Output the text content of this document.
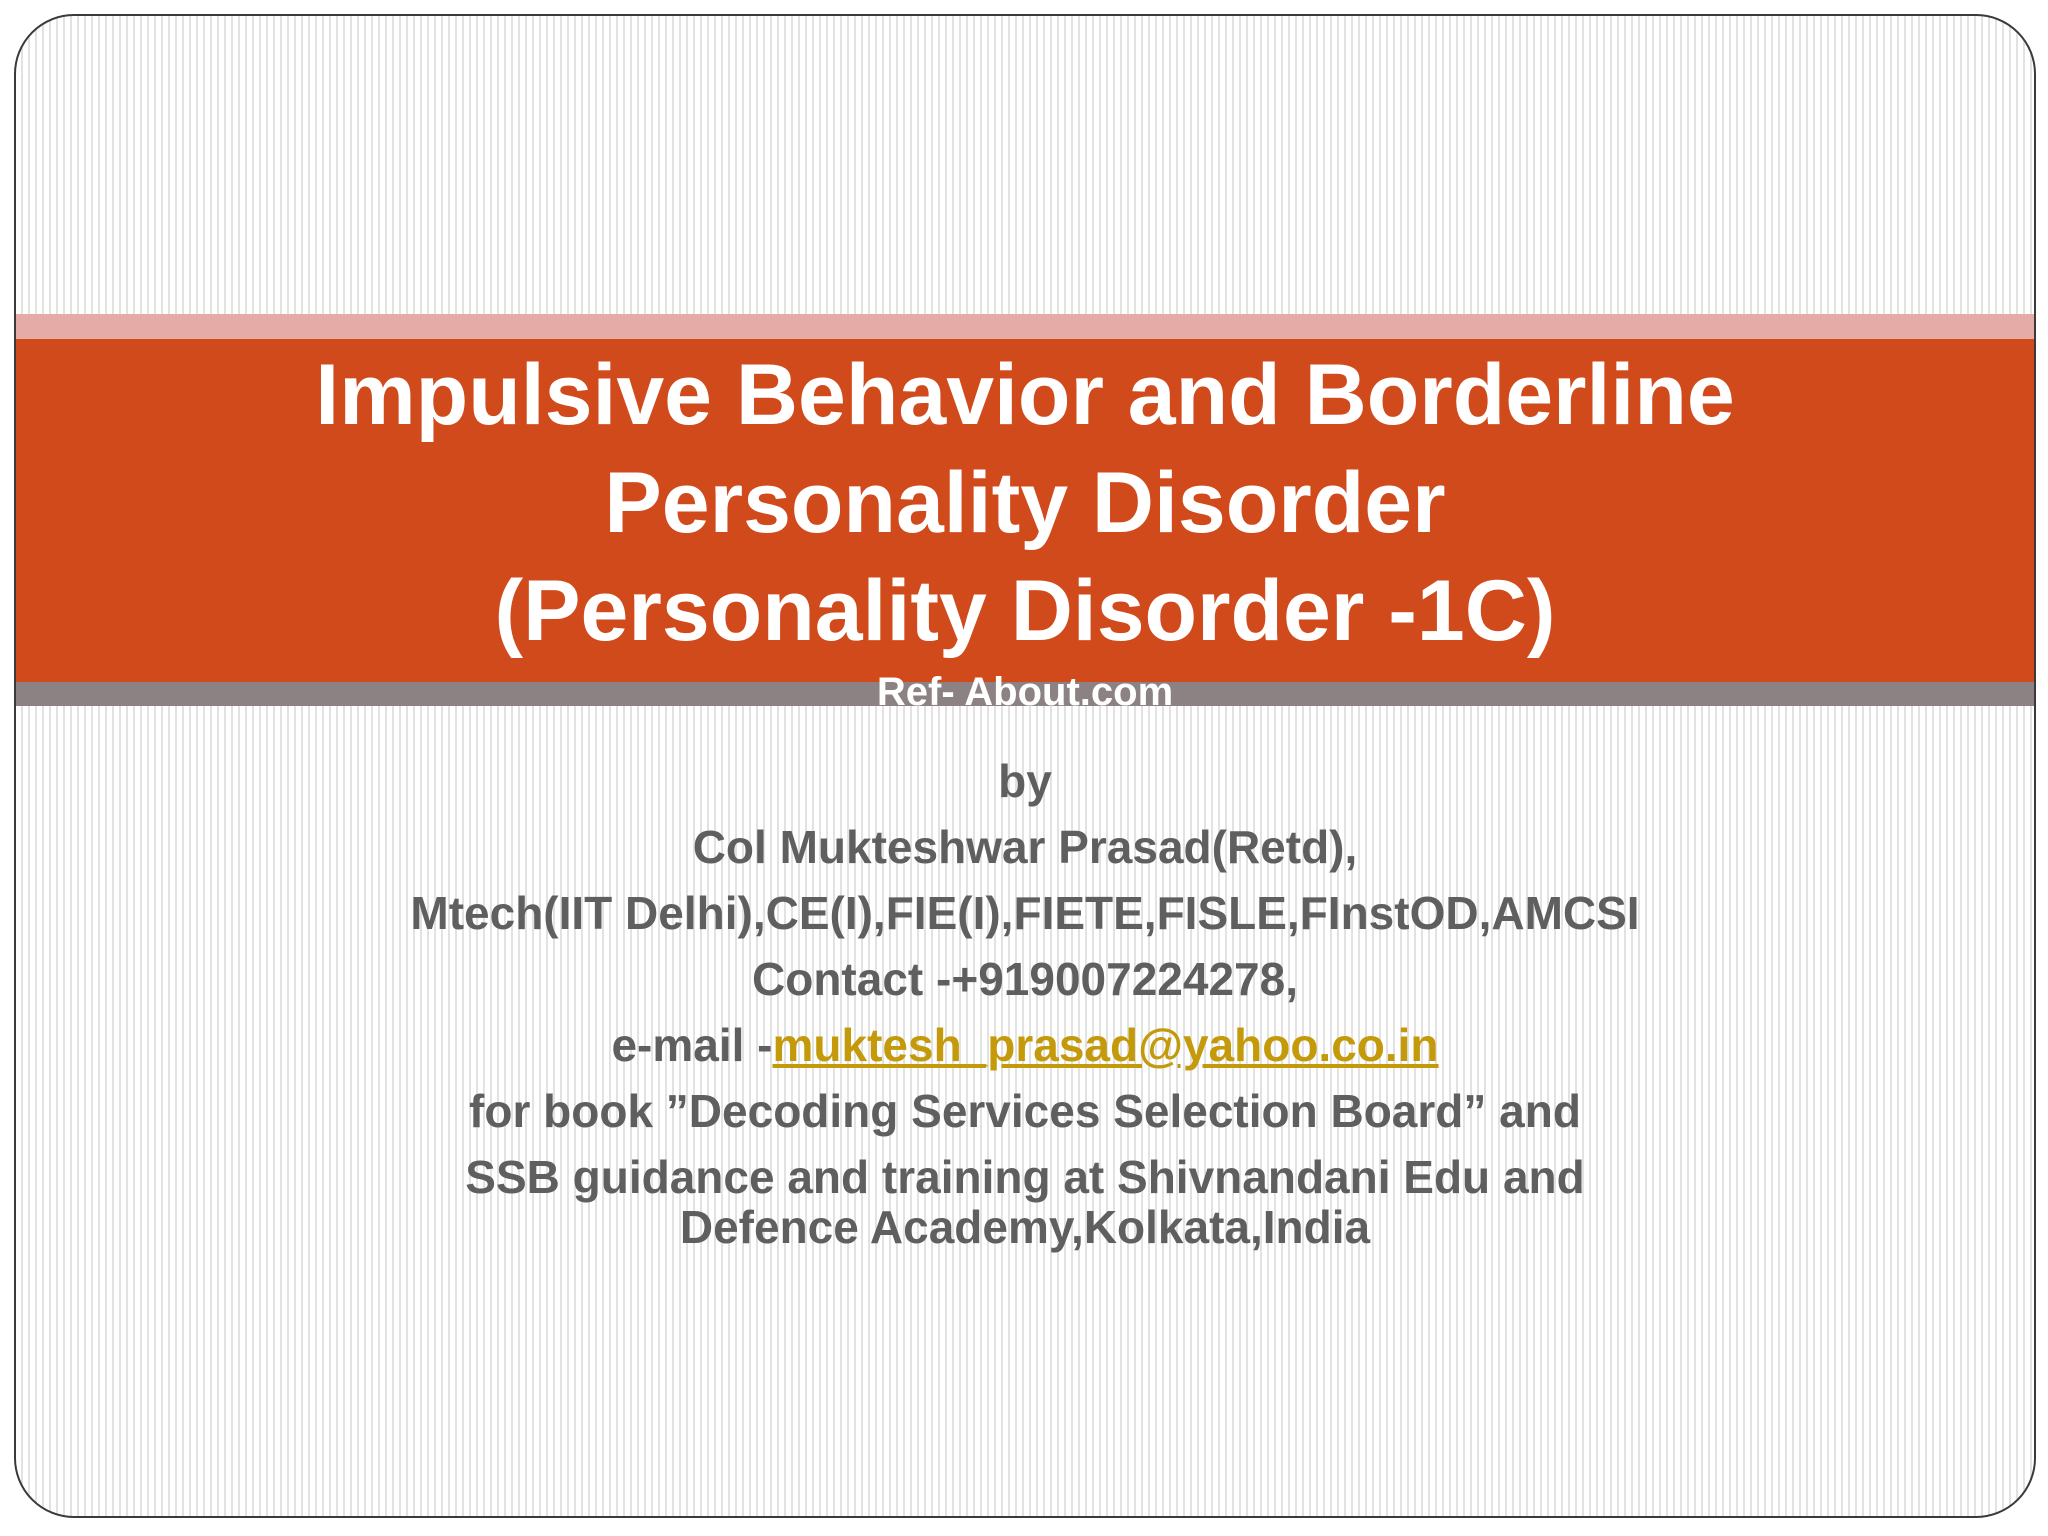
Impulsive Behavior and Borderline
Personality Disorder
(Personality Disorder -1C)
Ref- About.com
by
Col Mukteshwar Prasad(Retd),
Mtech(IIT Delhi),CE(I),FIE(I),FIETE,FISLE,FInstOD,AMCSI
Contact -+919007224278,
e-mail -muktesh_prasad@yahoo.co.in
for book ”Decoding Services Selection Board” and
SSB guidance and training at Shivnandani Edu and
Defence Academy,Kolkata,India
